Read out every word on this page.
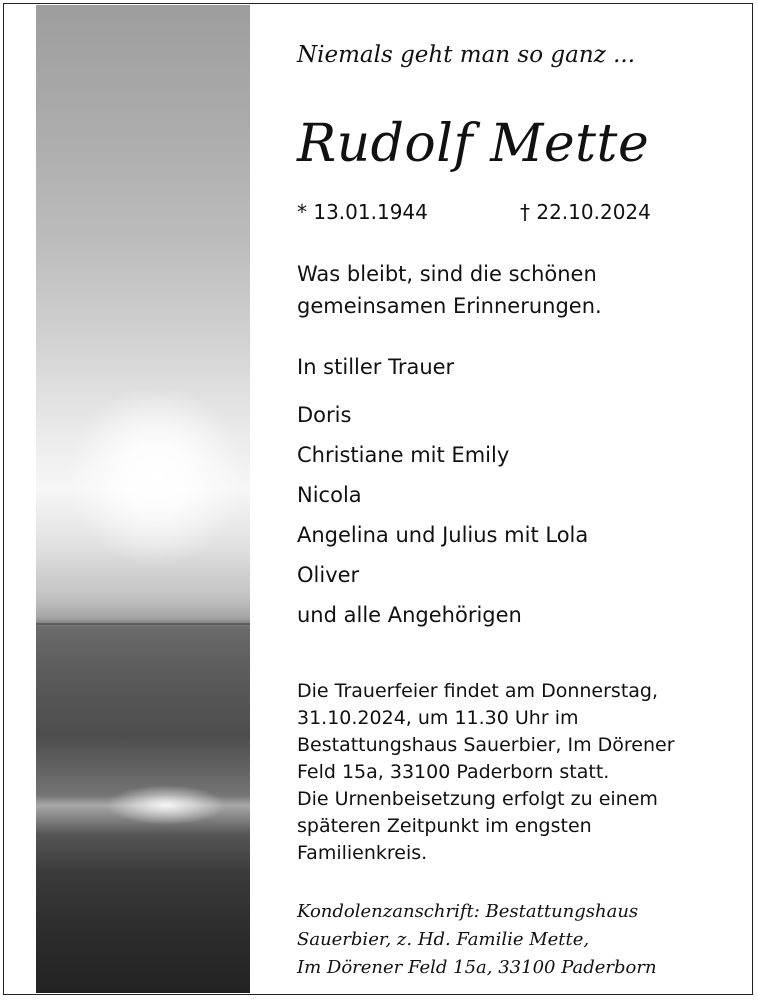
Niemals geht man so ganz ...
Rudolf Mette
* 13.01.1944	† 22.10.2024
Was bleibt, sind die schönen
gemeinsamen Erinnerungen.
In stiller Trauer
Doris
Christiane mit Emily
Nicola
Angelina und Julius mit Lola
Oliver
und alle Angehörigen
Die Trauerfeier findet am Donnerstag,
31.10.2024, um 11.30 Uhr im
Bestattungshaus Sauerbier, Im Dörener
Feld 15a, 33100 Paderborn statt.
Die Urnenbeisetzung erfolgt zu einem
späteren Zeitpunkt im engsten
Familienkreis.
Kondolenzanschrift: Bestattungshaus
Sauerbier, z. Hd. Familie Mette,
Im Dörener Feld 15a, 33100 Paderborn
